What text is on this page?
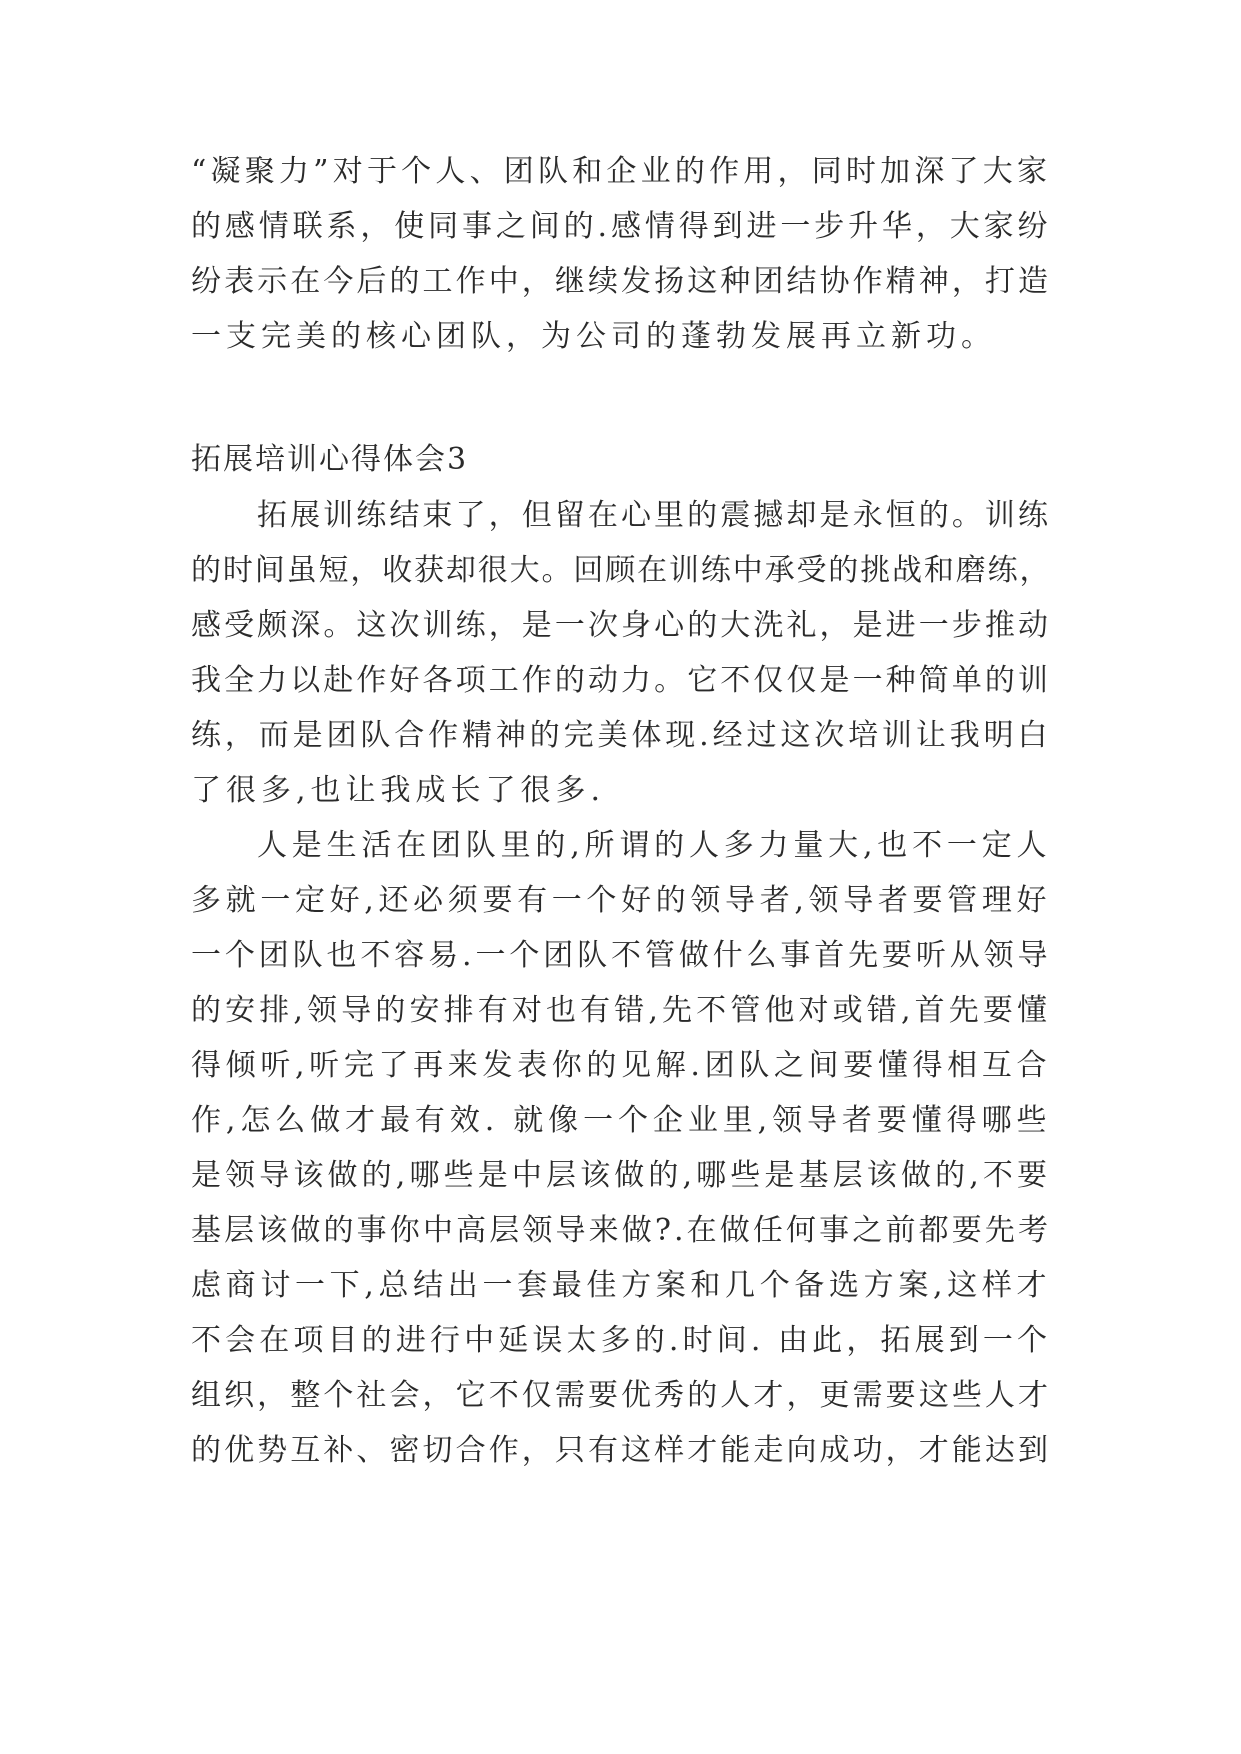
“凝聚力”对于个人、团队和企业的作用，同时加深了大家
的感情联系，使同事之间的.感情得到进一步升华，大家纷
纷表示在今后的工作中，继续发扬这种团结协作精神，打造
一支完美的核心团队，为公司的蓬勃发展再立新功。
拓展培训心得体会3
拓展训练结束了，但留在心里的震撼却是永恒的。训练
的时间虽短，收获却很大。回顾在训练中承受的挑战和磨练，
感受颇深。这次训练，是一次身心的大洗礼，是进一步推动
我全力以赴作好各项工作的动力。它不仅仅是一种简单的训
练，而是团队合作精神的完美体现.经过这次培训让我明白
了很多,也让我成长了很多.
人是生活在团队里的,所谓的人多力量大,也不一定人
多就一定好,还必须要有一个好的领导者,领导者要管理好
一个团队也不容易.一个团队不管做什么事首先要听从领导
的安排,领导的安排有对也有错,先不管他对或错,首先要懂
得倾听,听完了再来发表你的见解.团队之间要懂得相互合
作,怎么做才最有效. 就像一个企业里,领导者要懂得哪些
是领导该做的,哪些是中层该做的,哪些是基层该做的,不要
基层该做的事你中高层领导来做?.在做任何事之前都要先考
虑商讨一下,总结出一套最佳方案和几个备选方案,这样才
不会在项目的进行中延误太多的.时间. 由此，拓展到一个
组织，整个社会，它不仅需要优秀的人才，更需要这些人才
的优势互补、密切合作，只有这样才能走向成功，才能达到
